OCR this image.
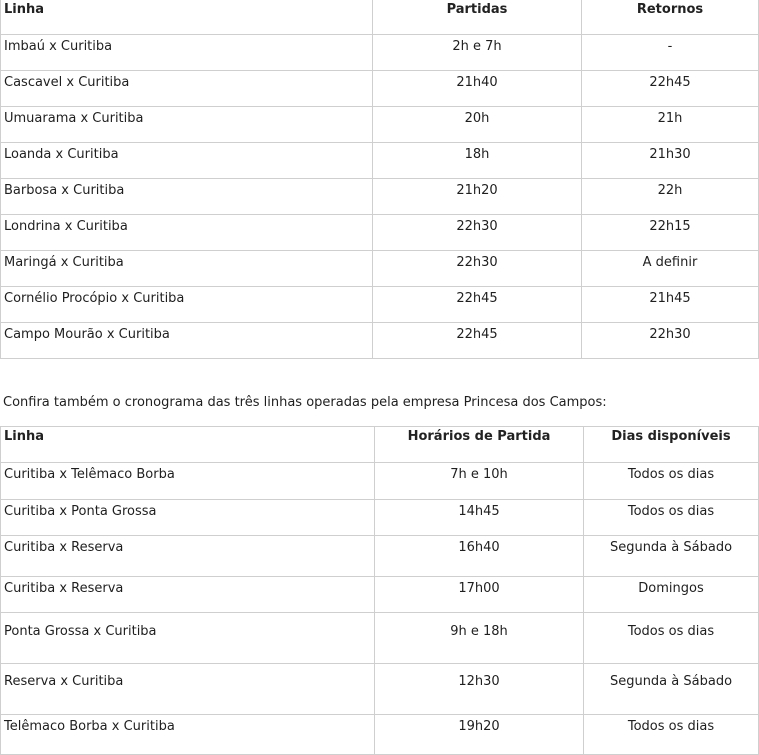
Linha	Partidas	Retornos
Imbaú x Curitiba	2h e 7h	-
Cascavel x Curitiba	21h40	22h45
Umuarama x Curitiba	20h	21h
Loanda x Curitiba	18h	21h30
Barbosa x Curitiba	21h20	22h
Londrina x Curitiba	22h30	22h15
Maringá x Curitiba	22h30	A definir
Cornélio Procópio x Curitiba	22h45	21h45
Campo Mourão x Curitiba	22h45	22h30

Confira também o cronograma das três linhas operadas pela empresa Princesa dos Campos:

Linha	Horários de Partida	Dias disponíveis
Curitiba x Telêmaco Borba	7h e 10h	Todos os dias
Curitiba x Ponta Grossa	14h45	Todos os dias
Curitiba x Reserva	16h40	Segunda à Sábado
Curitiba x Reserva	17h00	Domingos
Ponta Grossa x Curitiba	9h e 18h	Todos os dias
Reserva x Curitiba	12h30	Segunda à Sábado
Telêmaco Borba x Curitiba	19h20	Todos os dias
